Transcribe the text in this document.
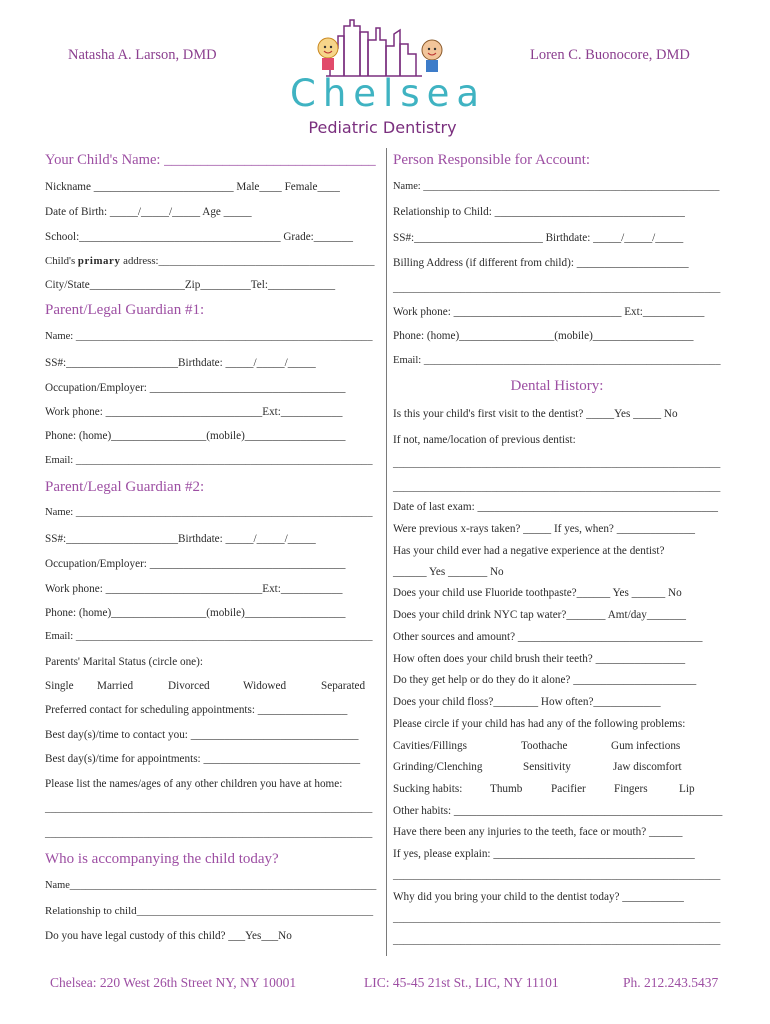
Natasha A. Larson, DMD	Loren C. Buonocore, DMD
Chelsea
Pediatric Dentistry
Your Child's Name: _____________________________
Nickname _________________________ Male____ Female____
Date of Birth: _____/_____/_____ Age _____
School:____________________________________ Grade:_______
Child's primary address:________________________________________
City/State_________________Zip_________Tel:____________
Parent/Legal Guardian #1:
Name: ________________________________________________________
SS#:____________________Birthdate: _____/_____/_____
Occupation/Employer: ___________________________________
Work phone: ____________________________Ext:___________
Phone: (home)_________________(mobile)__________________
Email: ________________________________________________________
Parent/Legal Guardian #2:
Name: ________________________________________________________
SS#:____________________Birthdate: _____/_____/_____
Occupation/Employer: ___________________________________
Work phone: ____________________________Ext:___________
Phone: (home)_________________(mobile)__________________
Email: ________________________________________________________
Parents' Marital Status (circle one):
Single Married	Divorced	Widowed	Separated
Preferred contact for scheduling appointments: ________________
Best day(s)/time to contact you: ______________________________
Best day(s)/time for appointments: ____________________________
Please list the names/ages of any other children you have at home:
_______________________________________________________________
_______________________________________________________________
Who is accompanying the child today?
Name___________________________________________________________
Relationship to child___________________________________________
Do you have legal custody of this child? ___Yes___No
Person Responsible for Account:
Name: _________________________________________________________
Relationship to Child: __________________________________
SS#:_______________________ Birthdate: _____/_____/_____
Billing Address (if different from child): ____________________
_______________________________________________________________
Work phone: ______________________________ Ext:___________
Phone: (home)_________________(mobile)__________________
Email: ________________________________________________________
Dental History:
Is this your child's first visit to the dentist? _____Yes _____ No
If not, name/location of previous dentist:
_______________________________________________________________
_______________________________________________________________
Date of last exam: ___________________________________________
Were previous x-rays taken? _____ If yes, when? ______________
Has your child ever had a negative experience at the dentist?
______ Yes _______ No
Does your child use Fluoride toothpaste?______ Yes ______ No
Does your child drink NYC tap water?_______ Amt/day_______
Other sources and amount? _________________________________
How often does your child brush their teeth? ________________
Do they get help or do they do it alone? ______________________
Does your child floss?________ How often?____________
Please circle if your child has had any of the following problems:
Cavities/Fillings	Toothache	Gum infections
Grinding/Clenching	Sensitivity	Jaw discomfort
Sucking habits: Thumb	Pacifier	Fingers	Lip
Other habits: ________________________________________________
Have there been any injuries to the teeth, face or mouth? ______
If yes, please explain: ____________________________________
_______________________________________________________________
Why did you bring your child to the dentist today? ___________
_______________________________________________________________
_______________________________________________________________
Chelsea: 220 West 26th Street NY, NY 10001	LIC: 45-45 21st St., LIC, NY 11101	Ph. 212.243.5437
